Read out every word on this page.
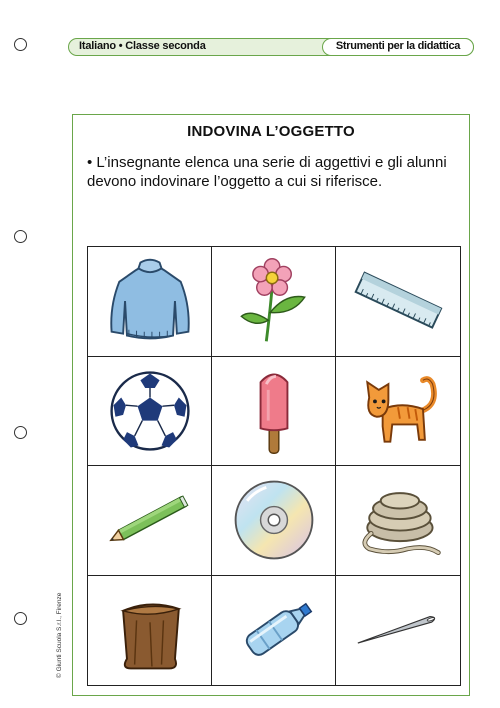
Italiano • Classe seconda	Strumenti per la didattica
© Giunti Scuola S.r.l., Firenze
INDOVINA L’OGGETTO
• L’insegnante elenca una serie di aggettivi e gli alunni devono indovinare l’oggetto a cui si riferisce.
